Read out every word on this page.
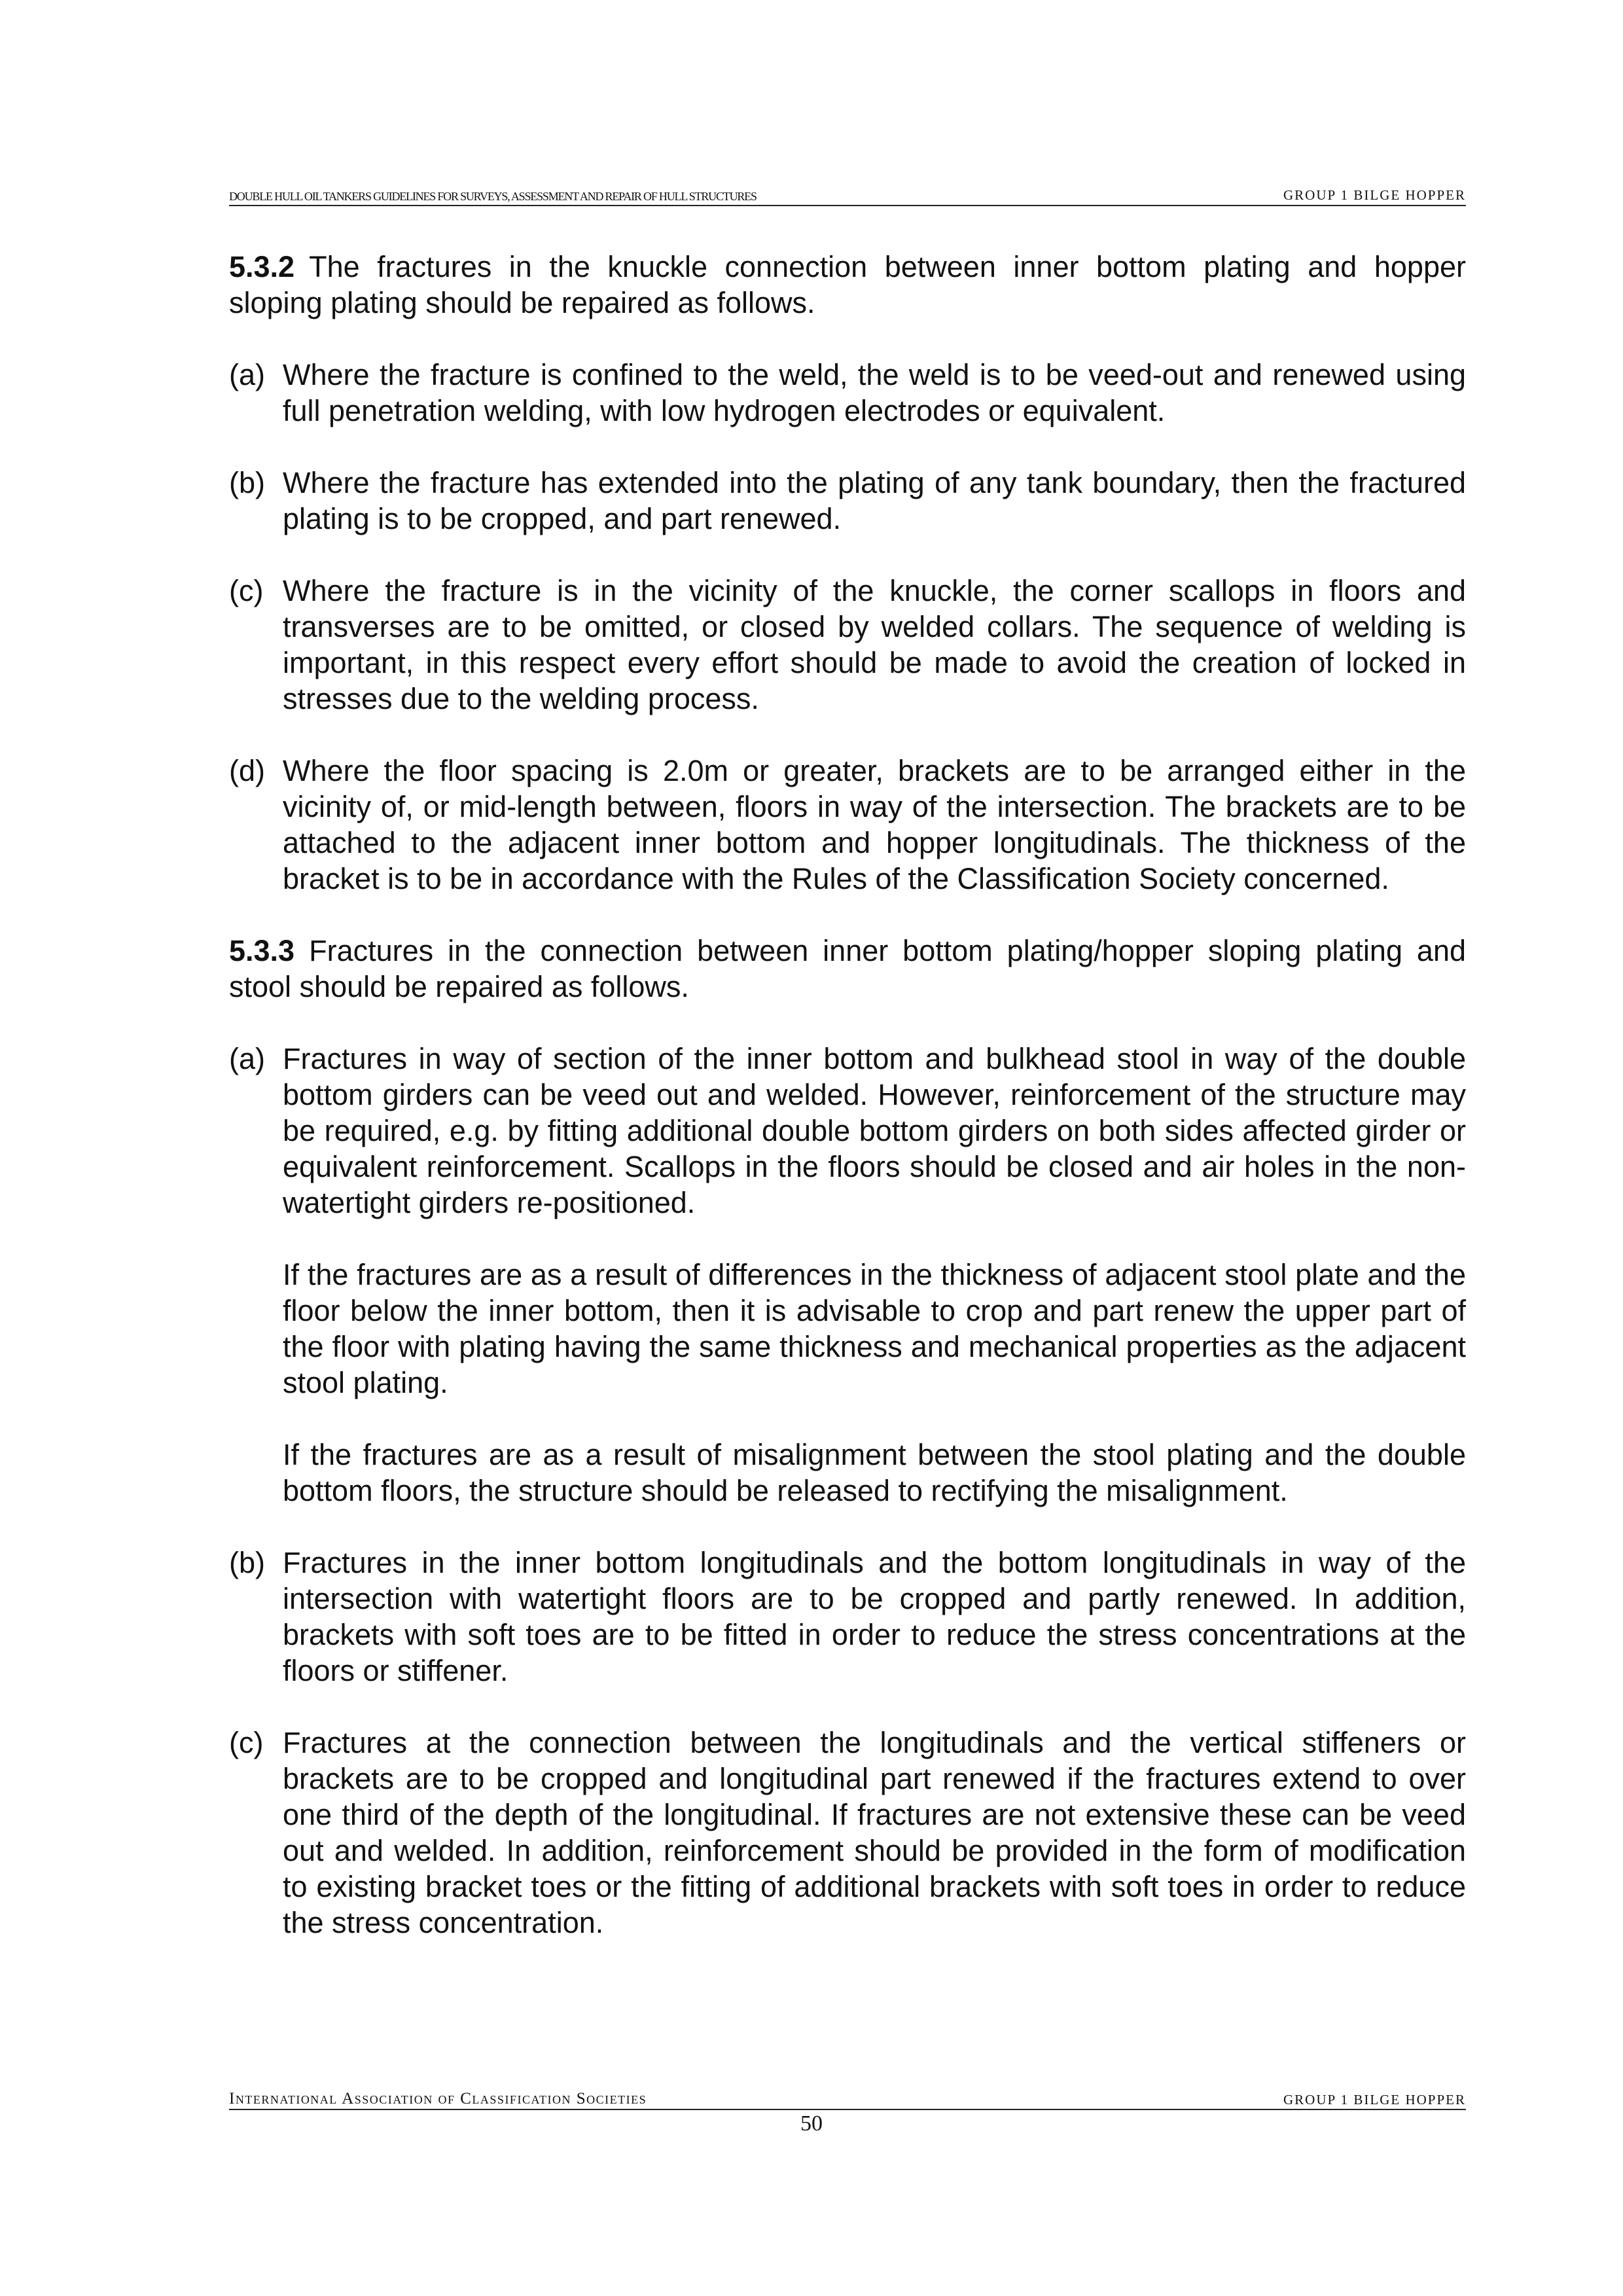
DOUBLE HULL OIL TANKERS GUIDELINES FOR SURVEYS, ASSESSMENT AND REPAIR OF HULL STRUCTURES	GROUP 1 BILGE HOPPER

5.3.2 The fractures in the knuckle connection between inner bottom plating and hopper sloping plating should be repaired as follows.

(a) Where the fracture is confined to the weld, the weld is to be veed-out and renewed using full penetration welding, with low hydrogen electrodes or equivalent.

(b) Where the fracture has extended into the plating of any tank boundary, then the fractured plating is to be cropped, and part renewed.

(c) Where the fracture is in the vicinity of the knuckle, the corner scallops in floors and transverses are to be omitted, or closed by welded collars. The sequence of welding is important, in this respect every effort should be made to avoid the creation of locked in stresses due to the welding process.

(d) Where the floor spacing is 2.0m or greater, brackets are to be arranged either in the vicinity of, or mid-length between, floors in way of the intersection. The brackets are to be attached to the adjacent inner bottom and hopper longitudinals. The thickness of the bracket is to be in accordance with the Rules of the Classification Society concerned.

5.3.3 Fractures in the connection between inner bottom plating/hopper sloping plating and stool should be repaired as follows.

(a) Fractures in way of section of the inner bottom and bulkhead stool in way of the double bottom girders can be veed out and welded. However, reinforcement of the structure may be required, e.g. by fitting additional double bottom girders on both sides affected girder or equivalent reinforcement. Scallops in the floors should be closed and air holes in the non-watertight girders re-positioned.

If the fractures are as a result of differences in the thickness of adjacent stool plate and the floor below the inner bottom, then it is advisable to crop and part renew the upper part of the floor with plating having the same thickness and mechanical properties as the adjacent stool plating.

If the fractures are as a result of misalignment between the stool plating and the double bottom floors, the structure should be released to rectifying the misalignment.

(b) Fractures in the inner bottom longitudinals and the bottom longitudinals in way of the intersection with watertight floors are to be cropped and partly renewed. In addition, brackets with soft toes are to be fitted in order to reduce the stress concentrations at the floors or stiffener.

(c) Fractures at the connection between the longitudinals and the vertical stiffeners or brackets are to be cropped and longitudinal part renewed if the fractures extend to over one third of the depth of the longitudinal. If fractures are not extensive these can be veed out and welded. In addition, reinforcement should be provided in the form of modification to existing bracket toes or the fitting of additional brackets with soft toes in order to reduce the stress concentration.

International Association of Classification Societies	GROUP 1 BILGE HOPPER
50
